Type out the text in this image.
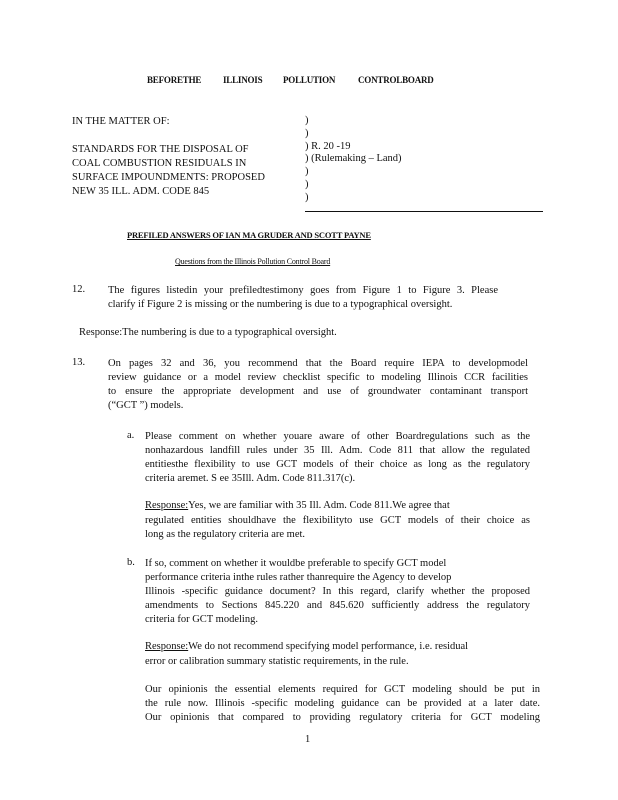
BEFORETHE ILLINOIS POLLUTION	CONTROLBOARD
IN THE MATTER OF:
STANDARDS FOR THE DISPOSAL OF
COAL COMBUSTION RESIDUALS IN
SURFACE IMPOUNDMENTS: PROPOSED
NEW 35 ILL. ADM. CODE 845
)
)
) R. 20 -19
) (Rulemaking – Land)
)
)
)
PREFILED ANSWERS OF IAN MA GRUDER AND SCOTT PAYNE
Questions from the Illinois Pollution Control Board
12. The figures listedin your prefiledtestimony goes from Figure 1 to Figure 3. Please
clarify if Figure 2 is missing or the numbering is due to a typographical oversight.
Response:The numbering is due to a typographical oversight.
13. On pages 32 and 36, you recommend that the Board require IEPA to developmodel
review guidance or a model review checklist specific to modeling Illinois CCR facilities
to ensure the appropriate development and use of groundwater contaminant transport
(“GCT ”) models.
a. Please comment on whether youare aware of other Boardregulations such as the
nonhazardous landfill rules under 35 Ill. Adm. Code 811 that allow the regulated
entitiesthe flexibility to use GCT models of their choice as long as the regulatory
criteria aremet. S ee 35Ill. Adm. Code 811.317(c).
Response:Yes, we are familiar with 35 Ill. Adm. Code 811.We agree that
regulated entities shouldhave the flexibilityto use GCT models of their choice as
long as the regulatory criteria are met.
b. If so, comment on whether it wouldbe preferable to specify GCT model
performance criteria inthe rules rather thanrequire the Agency to develop
Illinois -specific guidance document? In this regard, clarify whether the proposed
amendments to Sections 845.220 and 845.620 sufficiently address the regulatory
criteria for GCT modeling.
Response:We do not recommend specifying model performance, i.e. residual
error or calibration summary statistic requirements, in the rule.
Our opinionis the essential elements required for GCT modeling should be put in
the rule now. Illinois -specific modeling guidance can be provided at a later date.
Our opinionis that compared to providing regulatory criteria for GCT modeling
1
